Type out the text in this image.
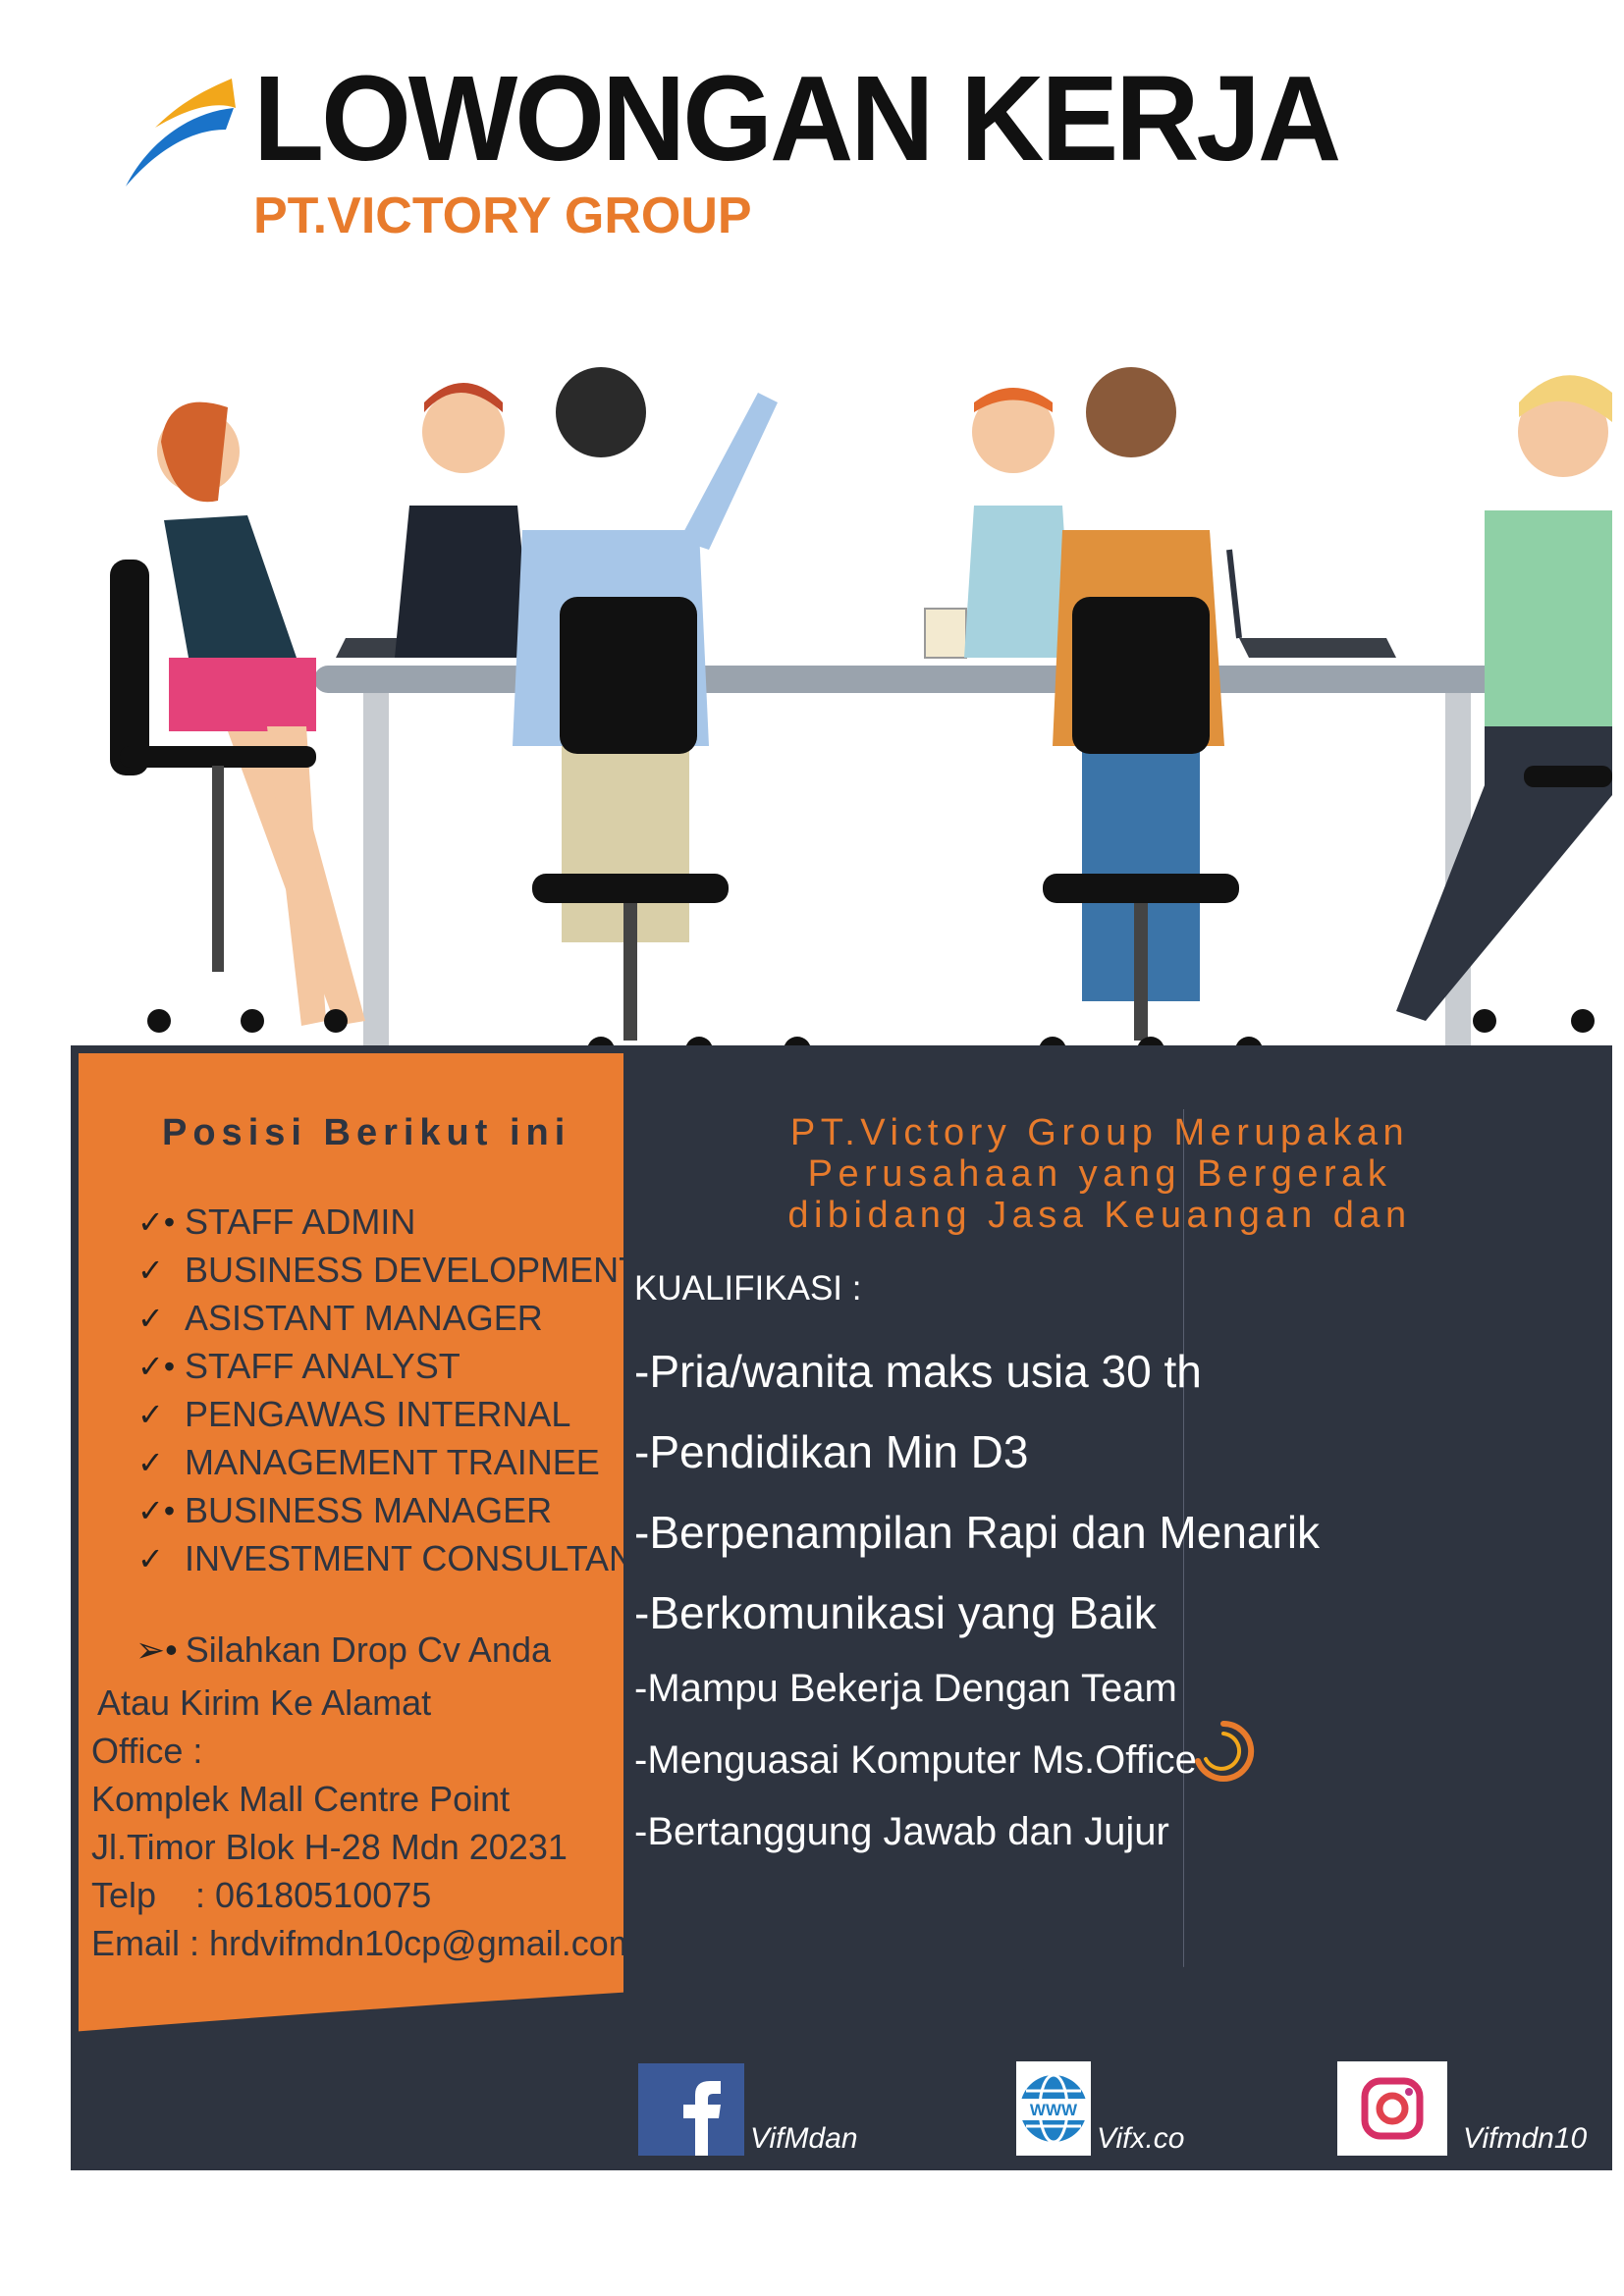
LOWONGAN KERJA
PT.VICTORY GROUP
Posisi Berikut ini
✓• STAFF ADMIN
✓ BUSINESS DEVELOPMENT
✓ ASISTANT MANAGER
✓• STAFF ANALYST
✓ PENGAWAS INTERNAL
✓ MANAGEMENT TRAINEE
✓• BUSINESS MANAGER
✓ INVESTMENT CONSULTANT
➢• Silahkan Drop Cv Anda
Atau Kirim Ke Alamat
Office :
Komplek Mall Centre Point
Jl.Timor Blok H-28 Mdn 20231
Telp    : 06180510075
Email : hrdvifmdn10cp@gmail.com
PT.Victory Group Merupakan
Perusahaan yang Bergerak
dibidang Jasa Keuangan dan
KUALIFIKASI :
-Pria/wanita maks usia 30 th
-Pendidikan Min D3
-Berpenampilan Rapi dan Menarik
-Berkomunikasi yang Baik
-Mampu Bekerja Dengan Team
-Menguasai Komputer Ms.Office
-Bertanggung Jawab dan Jujur
VifMdan
WWW
Vifx.co	Vifmdn10
